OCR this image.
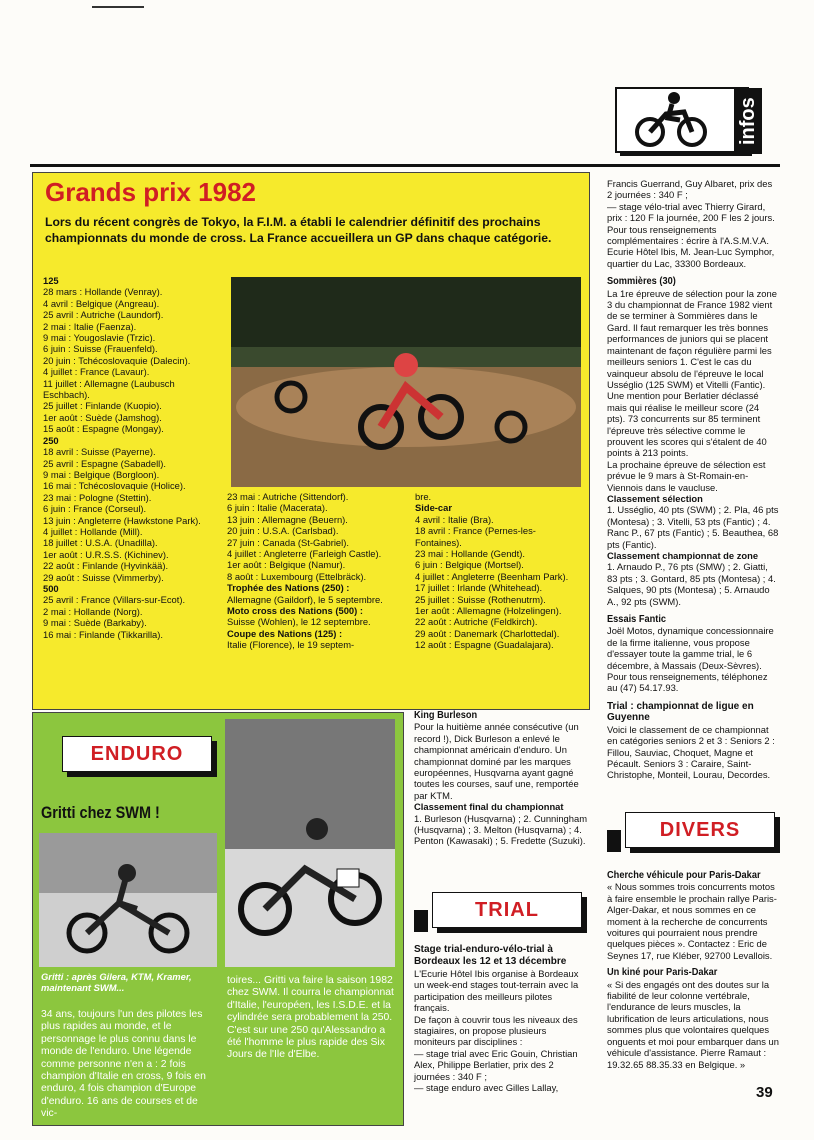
infos
Grands prix 1982
Lors du récent congrès de Tokyo, la F.I.M. a établi le calendrier définitif des prochains championnats du monde de cross. La France accueillera un GP dans chaque catégorie.

125

28 mars : Hollande (Venray).

4 avril : Belgique (Angreau).

25 avril : Autriche (Laundorf).

2 mai : Italie (Faenza).

9 mai : Yougoslavie (Trzic).

6 juin : Suisse (Frauenfeld).

20 juin : Tchécoslovaquie (Dalecin).

4 juillet : France (Lavaur).

11 juillet : Allemagne (Laubusch Eschbach).

25 juillet : Finlande (Kuopio).

1er août : Suède (Jamshog).

15 août : Espagne (Mongay).

250

18 avril : Suisse (Payerne).

25 avril : Espagne (Sabadell).

9 mai : Belgique (Borgloon).

16 mai : Tchécoslovaquie (Holice).

23 mai : Pologne (Stettin).

6 juin : France (Corseul).

13 juin : Angleterre (Hawkstone Park).

4 juillet : Hollande (Mill).

18 juillet : U.S.A. (Unadilla).

1er août : U.R.S.S. (Kichinev).

22 août : Finlande (Hyvinkää).

29 août : Suisse (Vimmerby).

500

25 avril : France (Villars-sur-Ecot).

2 mai : Hollande (Norg).

9 mai : Suède (Barkaby).

16 mai : Finlande (Tikkarilla).

23 mai : Autriche (Sittendorf).

6 juin : Italie (Macerata).

13 juin : Allemagne (Beuern).

20 juin : U.S.A. (Carlsbad).

27 juin : Canada (St-Gabriel).

4 juillet : Angleterre (Farleigh Castle).

1er août : Belgique (Namur).

8 août : Luxembourg (Ettelbräck).

Trophée des Nations (250) :

Allemagne (Gaildorf), le 5 septembre.

Moto cross des Nations (500) :

Suisse (Wohlen), le 12 septembre.

Coupe des Nations (125) :

Italie (Florence), le 19 septem-

bre.

Side-car

4 avril : Italie (Bra).

18 avril : France (Pernes-les-Fontaines).

23 mai : Hollande (Gendt).

6 juin : Belgique (Mortsel).

4 juillet : Angleterre (Beenham Park).

17 juillet : Irlande (Whitehead).

25 juillet : Suisse (Rothenutrm).

1er août : Allemagne (Holzelingen).

22 août : Autriche (Feldkirch).

29 août : Danemark (Charlottedal).

12 août : Espagne (Guadalajara).

ENDURO
Gritti chez SWM !
Gritti : après Gilera, KTM, Kramer, maintenant SWM...
34 ans, toujours l'un des pilotes les plus rapides au monde, et le personnage le plus connu dans le monde de l'enduro. Une légende comme personne n'en a : 2 fois champion d'Italie en cross, 9 fois en enduro, 4 fois champion d'Europe d'enduro. 16 ans de courses et de vic-
toires... Gritti va faire la saison 1982 chez SWM. Il courra le championnat d'Italie, l'européen, les I.S.D.E. et la cylindrée sera probablement la 250. C'est sur une 250 qu'Alessandro a été l'homme le plus rapide des Six Jours de l'Ile d'Elbe.
King Burleson

Pour la huitième année consécutive (un record !), Dick Burleson a enlevé le championnat américain d'enduro. Un championnat dominé par les marques européennes, Husqvarna ayant gagné toutes les courses, sauf une, remportée par KTM.

Classement final du championnat

1. Burleson (Husqvarna) ; 2. Cunningham (Husqvarna) ; 3. Melton (Husqvarna) ; 4. Penton (Kawasaki) ; 5. Fredette (Suzuki).

TRIAL

Stage trial-enduro-vélo-trial à Bordeaux les 12 et 13 décembre

L'Ecurie Hôtel Ibis organise à Bordeaux un week-end stages tout-terrain avec la participation des meilleurs pilotes français.

De façon à couvrir tous les niveaux des stagiaires, on propose plusieurs moniteurs par disciplines :

— stage trial avec Eric Gouin, Christian Alex, Philippe Berlatier, prix des 2 journées : 340 F ;

— stage enduro avec Gilles Lallay,

Francis Guerrand, Guy Albaret, prix des 2 journées : 340 F ;

— stage vélo-trial avec Thierry Girard, prix : 120 F la journée, 200 F les 2 jours.

Pour tous renseignements complémentaires : écrire à l'A.S.M.V.A. Ecurie Hôtel Ibis, M. Jean-Luc Symphor, quartier du Lac, 33300 Bordeaux.

Sommières (30)

La 1re épreuve de sélection pour la zone 3 du championnat de France 1982 vient de se terminer à Sommières dans le Gard. Il faut remarquer les très bonnes performances de juniors qui se placent maintenant de façon régulière parmi les meilleurs seniors 1. C'est le cas du vainqueur absolu de l'épreuve le local Usséglio (125 SWM) et Vitelli (Fantic). Une mention pour Berlatier déclassé mais qui réalise le meilleur score (24 pts). 73 concurrents sur 85 terminent l'épreuve très sélective comme le prouvent les scores qui s'étalent de 40 points à 213 points.

La prochaine épreuve de sélection est prévue le 9 mars à St-Romain-en-Viennois dans le vaucluse.

Classement sélection

1. Usséglio, 40 pts (SWM) ; 2. Pla, 46 pts (Montesa) ; 3. Vitelli, 53 pts (Fantic) ; 4. Ranc P., 67 pts (Fantic) ; 5. Beauthea, 68 pts (Fantic).

Classement championnat de zone

1. Arnaudo P., 76 pts (SMW) ; 2. Giatti, 83 pts ; 3. Gontard, 85 pts (Montesa) ; 4. Salques, 90 pts (Montesa) ; 5. Arnaudo A., 92 pts (SWM).

Essais Fantic

Joël Motos, dynamique concessionnaire de la firme italienne, vous propose d'essayer toute la gamme trial, le 6 décembre, à Massais (Deux-Sèvres). Pour tous renseignements, téléphonez au (47) 54.17.93.

Trial : championnat de ligue en Guyenne

Voici le classement de ce championnat en catégories seniors 2 et 3 : Seniors 2 : Fillou, Sauviac, Choquet, Magne et Pécault. Seniors 3 : Caraire, Saint-Christophe, Monteil, Lourau, Decordes.

DIVERS
Cherche véhicule pour Paris-Dakar

« Nous sommes trois concurrents motos à faire ensemble le prochain rallye Paris-Alger-Dakar, et nous sommes en ce moment à la recherche de concurrents voitures qui pourraient nous prendre quelques pièces ». Contactez : Eric de Seynes 17, rue Kléber, 92700 Levallois.

Un kiné pour Paris-Dakar

« Si des engagés ont des doutes sur la fiabilité de leur colonne vertébrale, l'endurance de leurs muscles, la lubrification de leurs articulations, nous sommes plus que volontaires quelques onguents et moi pour embarquer dans un véhicule d'assistance. Pierre Ramaut : 19.32.65 88.35.33 en Belgique. »

39
